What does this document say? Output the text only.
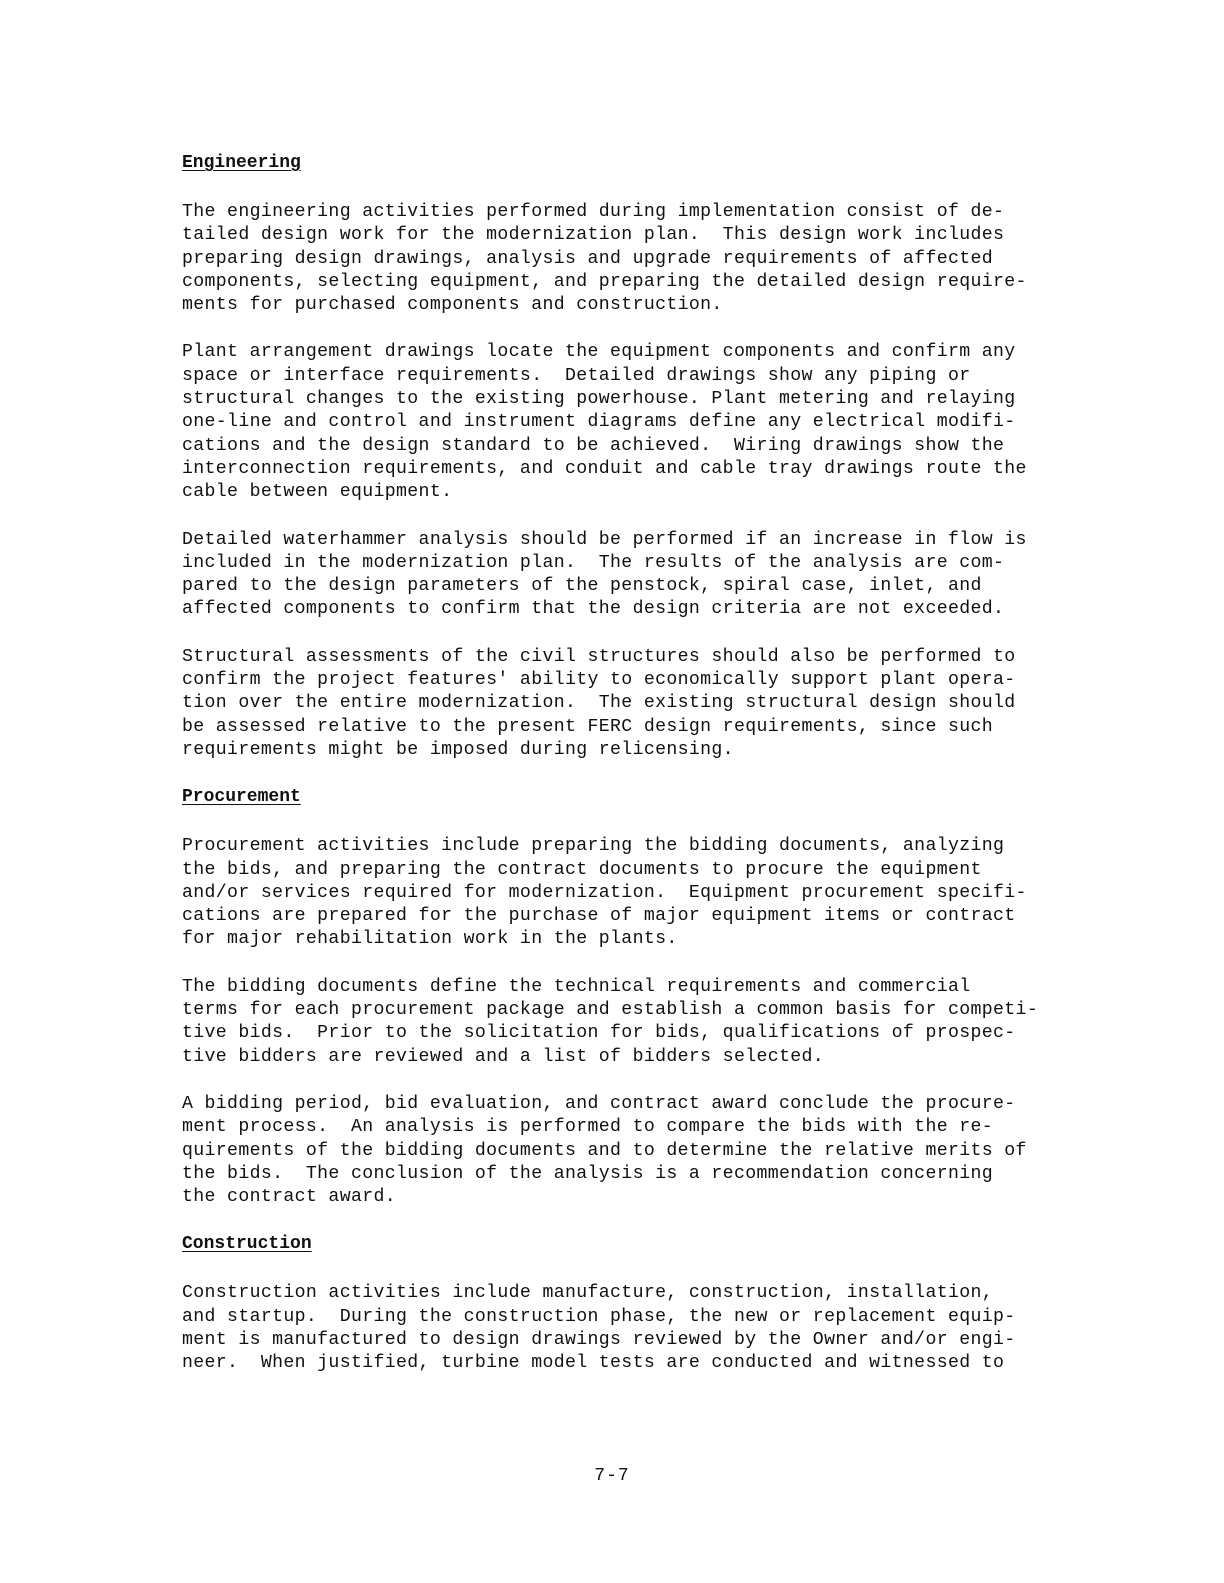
Engineering
The engineering activities performed during implementation consist of de-
tailed design work for the modernization plan.  This design work includes
preparing design drawings, analysis and upgrade requirements of affected
components, selecting equipment, and preparing the detailed design require-
ments for purchased components and construction.
Plant arrangement drawings locate the equipment components and confirm any
space or interface requirements.  Detailed drawings show any piping or
structural changes to the existing powerhouse. Plant metering and relaying
one-line and control and instrument diagrams define any electrical modifi-
cations and the design standard to be achieved.  Wiring drawings show the
interconnection requirements, and conduit and cable tray drawings route the
cable between equipment.
Detailed waterhammer analysis should be performed if an increase in flow is
included in the modernization plan.  The results of the analysis are com-
pared to the design parameters of the penstock, spiral case, inlet, and
affected components to confirm that the design criteria are not exceeded.
Structural assessments of the civil structures should also be performed to
confirm the project features' ability to economically support plant opera-
tion over the entire modernization.  The existing structural design should
be assessed relative to the present FERC design requirements, since such
requirements might be imposed during relicensing.
Procurement
Procurement activities include preparing the bidding documents, analyzing
the bids, and preparing the contract documents to procure the equipment
and/or services required for modernization.  Equipment procurement specifi-
cations are prepared for the purchase of major equipment items or contract
for major rehabilitation work in the plants.
The bidding documents define the technical requirements and commercial
terms for each procurement package and establish a common basis for competi-
tive bids.  Prior to the solicitation for bids, qualifications of prospec-
tive bidders are reviewed and a list of bidders selected.
A bidding period, bid evaluation, and contract award conclude the procure-
ment process.  An analysis is performed to compare the bids with the re-
quirements of the bidding documents and to determine the relative merits of
the bids.  The conclusion of the analysis is a recommendation concerning
the contract award.
Construction
Construction activities include manufacture, construction, installation,
and startup.  During the construction phase, the new or replacement equip-
ment is manufactured to design drawings reviewed by the Owner and/or engi-
neer.  When justified, turbine model tests are conducted and witnessed to
7-7
